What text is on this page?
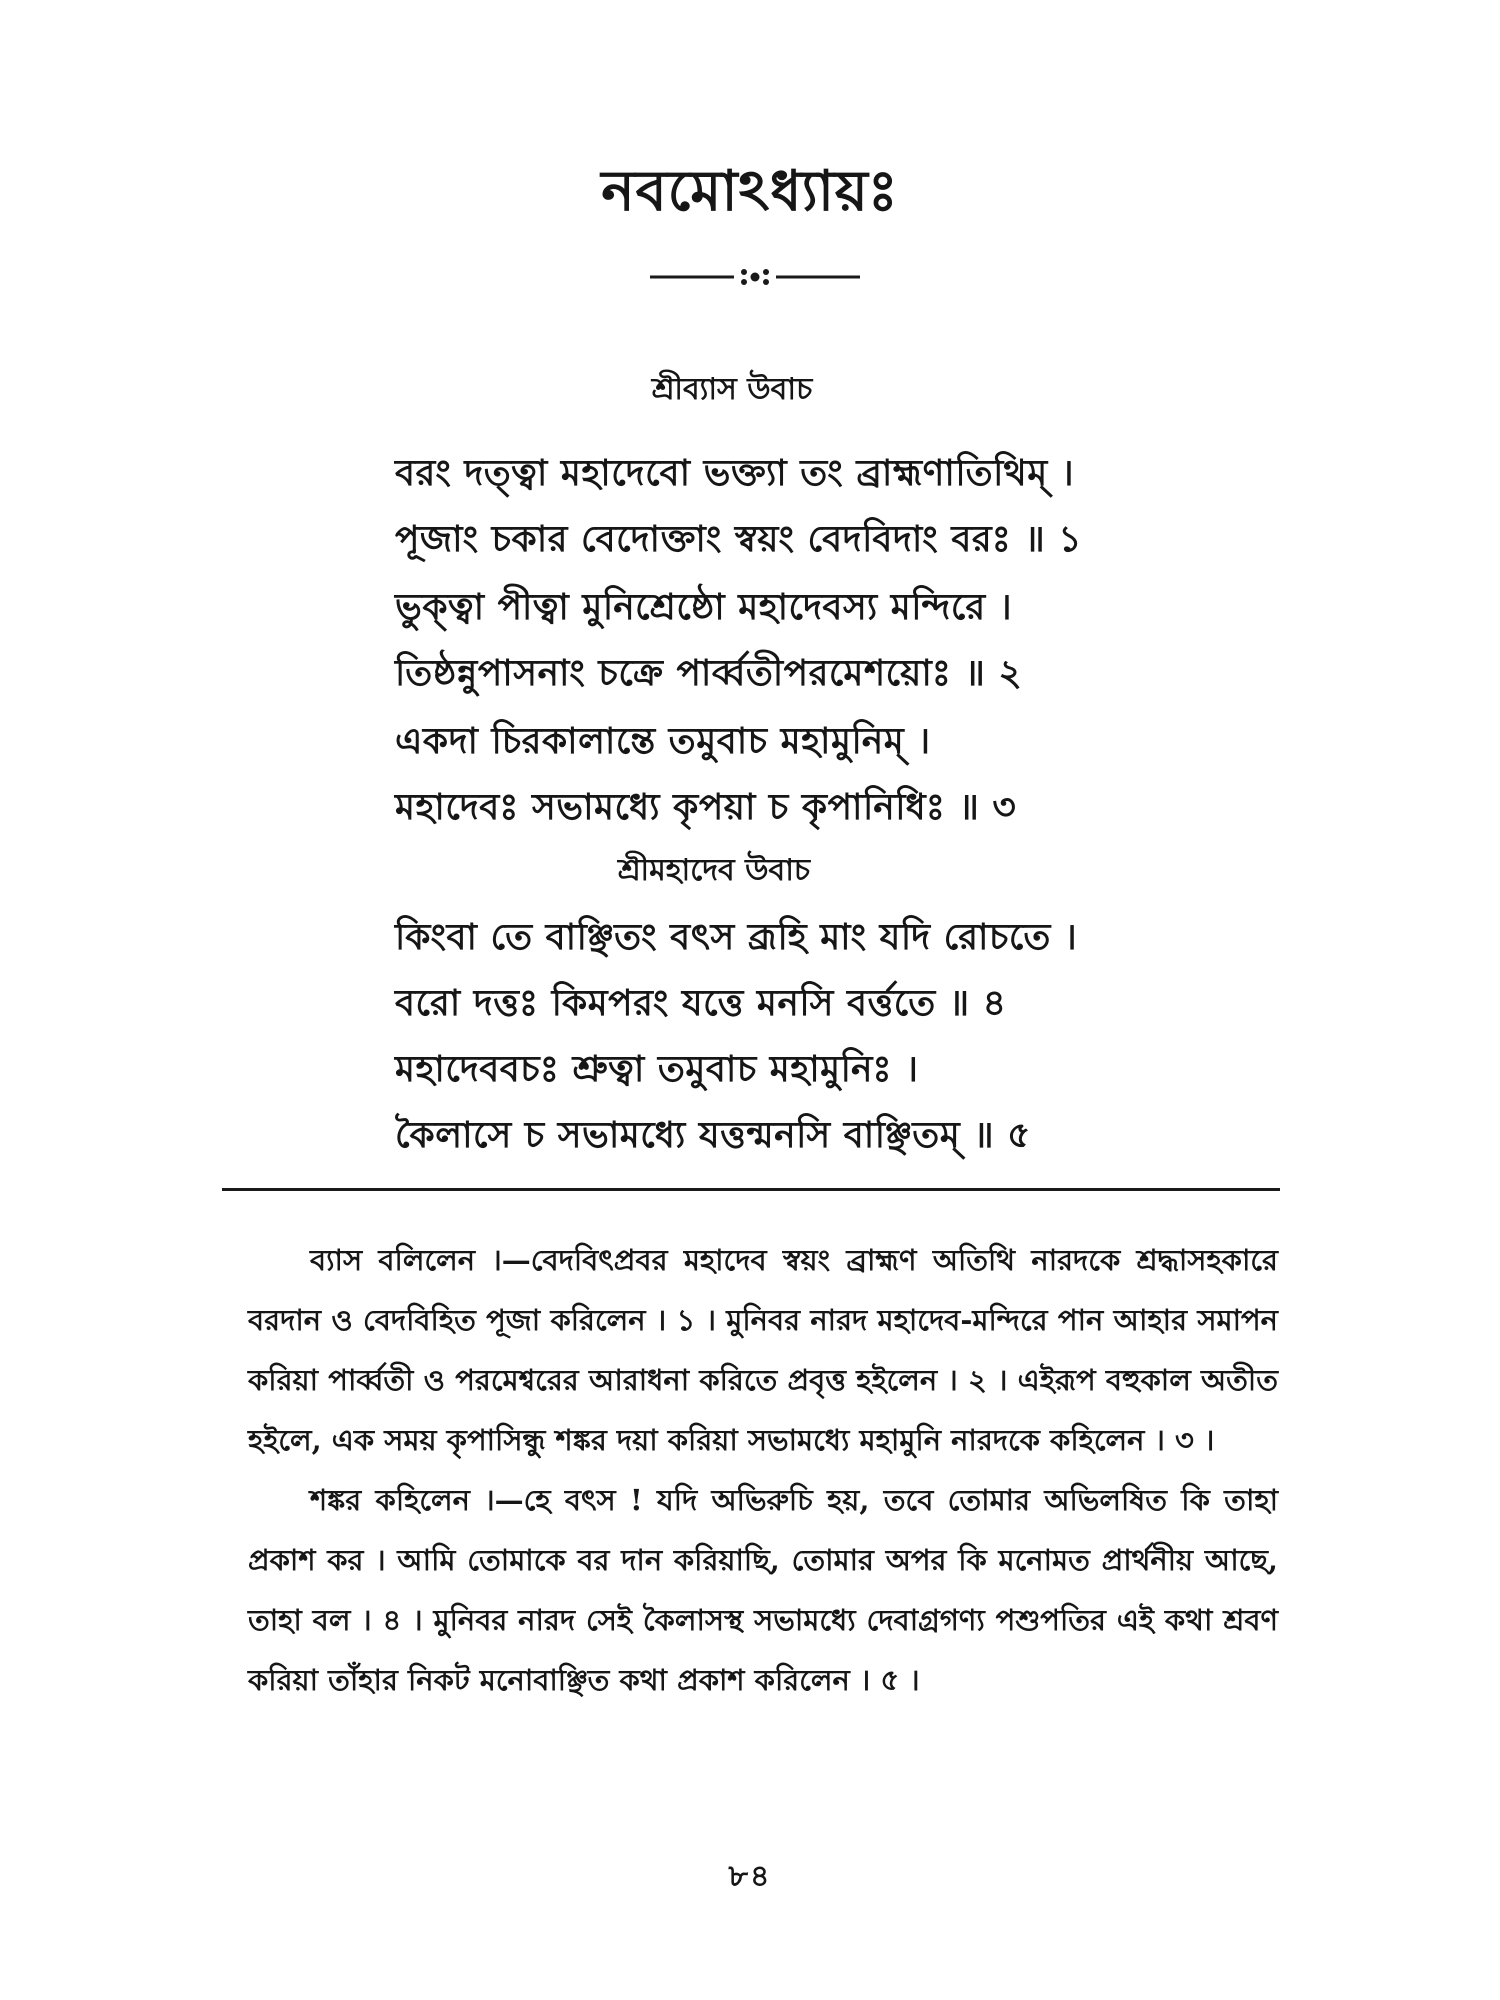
নবমোঽধ্যায়ঃ
শ্রীব্যাস উবাচ
বরং দত্ত্বা মহাদেবো ভক্ত্যা তং ব্রাহ্মণাতিথিম্ ।
পূজাং চকার বেদোক্তাং স্বয়ং বেদবিদাং বরঃ ॥ ১
ভুক্ত্বা পীত্বা মুনিশ্রেষ্ঠো মহাদেবস্য মন্দিরে ।
তিষ্ঠন্নুপাসনাং চক্রে পার্ব্বতীপরমেশয়োঃ ॥ ২
একদা চিরকালান্তে তমুবাচ মহামুনিম্ ।
মহাদেবঃ সভামধ্যে কৃপয়া চ কৃপানিধিঃ ॥ ৩
শ্রীমহাদেব উবাচ
কিংবা তে বাঞ্ছিতং বৎস ব্রূহি মাং যদি রোচতে ।
বরো দত্তঃ কিমপরং যত্তে মনসি বর্ত্ততে ॥ ৪
মহাদেববচঃ শ্রুত্বা তমুবাচ মহামুনিঃ ।
কৈলাসে চ সভামধ্যে যত্তন্মনসি বাঞ্ছিতম্ ॥ ৫

ব্যাস বলিলেন ।—বেদবিৎপ্রবর মহাদেব স্বয়ং ব্রাহ্মণ অতিথি নারদকে শ্রদ্ধাসহকারে বরদান ও বেদবিহিত পূজা করিলেন । ১ । মুনিবর নারদ মহাদেব-মন্দিরে পান আহার সমাপন করিয়া পার্ব্বতী ও পরমেশ্বরের আরাধনা করিতে প্রবৃত্ত হইলেন । ২ । এইরূপ বহুকাল অতীত হইলে, এক সময় কৃপাসিন্ধু শঙ্কর দয়া করিয়া সভামধ্যে মহামুনি নারদকে কহিলেন । ৩ ।

শঙ্কর কহিলেন ।—হে বৎস ! যদি অভিরুচি হয়, তবে তোমার অভিলষিত কি তাহা প্রকাশ কর । আমি তোমাকে বর দান করিয়াছি, তোমার অপর কি মনোমত প্রার্থনীয় আছে, তাহা বল । ৪ । মুনিবর নারদ সেই কৈলাসস্থ সভামধ্যে দেবাগ্রগণ্য পশুপতির এই কথা শ্রবণ করিয়া তাঁহার নিকট মনোবাঞ্ছিত কথা প্রকাশ করিলেন । ৫ ।

৮৪
